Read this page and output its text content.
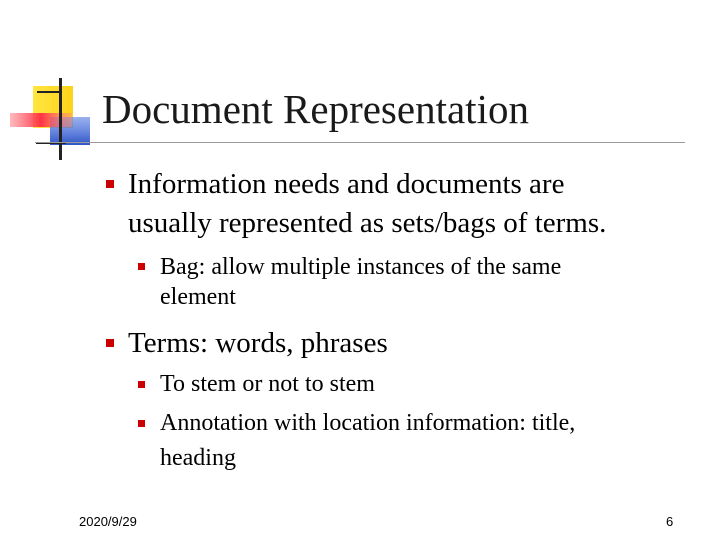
Document Representation
Information needs and documents are
usually represented as sets/bags of terms.
Bag: allow multiple instances of the same
element
Terms: words, phrases
To stem or not to stem
Annotation with location information: title,
heading
2020/9/29	6
